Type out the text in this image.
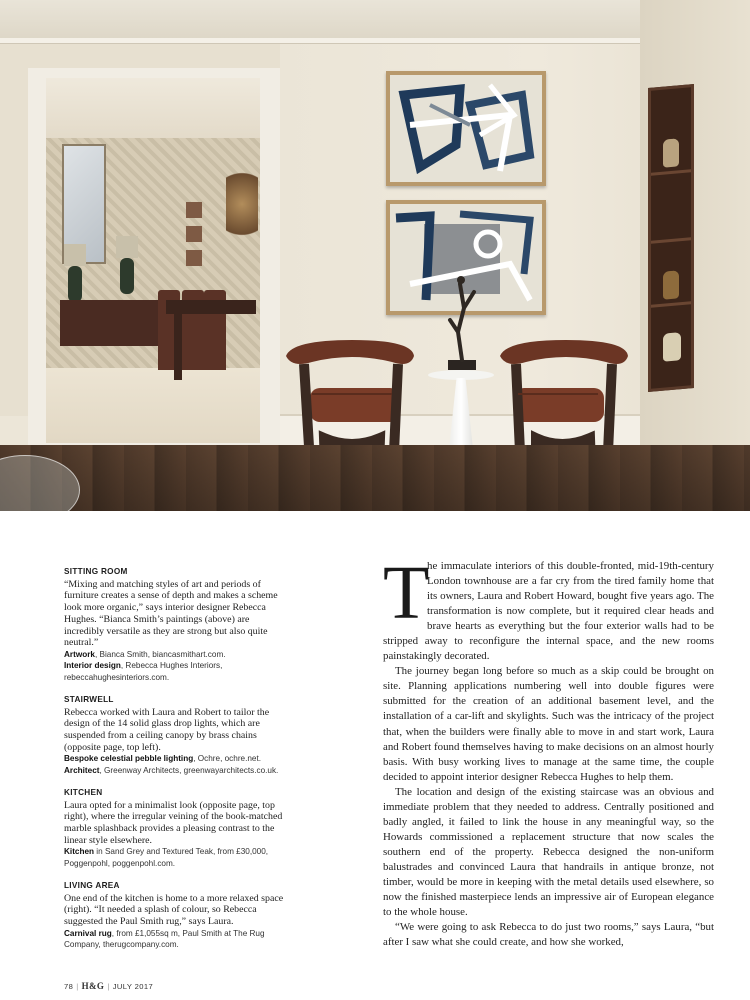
SITTING ROOM
“Mixing and matching styles of art and periods of furniture creates a sense of depth and makes a scheme look more organic,” says interior designer Rebecca Hughes. “Bianca Smith’s paintings (above) are incredibly versatile as they are strong but also quite neutral.”
Artwork, Bianca Smith, biancasmithart.com.
Interior design, Rebecca Hughes Interiors, rebeccahughesinteriors.com.
STAIRWELL
Rebecca worked with Laura and Robert to tailor the design of the 14 solid glass drop lights, which are suspended from a ceiling canopy by brass chains (opposite page, top left).
Bespoke celestial pebble lighting, Ochre, ochre.net. Architect, Greenway Architects, greenwayarchitects.co.uk.
KITCHEN
Laura opted for a minimalist look (opposite page, top right), where the irregular veining of the book-matched marble splashback provides a pleasing contrast to the linear style elsewhere.
Kitchen in Sand Grey and Textured Teak, from £30,000, Poggenpohl, poggenpohl.com.
LIVING AREA
One end of the kitchen is home to a more relaxed space (right). “It needed a splash of colour, so Rebecca suggested the Paul Smith rug,” says Laura.
Carnival rug, from £1,055sq m, Paul Smith at The Rug Company, therugcompany.com.

T
he immaculate interiors of this double-fronted, mid-19th-century London townhouse are a far cry from the tired family home that its owners, Laura and Robert Howard, bought five years ago. The transformation is now complete, but it required clear heads and brave hearts as everything but the four exterior walls had to be stripped away to reconfigure the internal space, and the new rooms painstakingly decorated.

The journey began long before so much as a skip could be brought on site. Planning applications numbering well into double figures were submitted for the creation of an additional basement level, and the installation of a car-lift and skylights. Such was the intricacy of the project that, when the builders were finally able to move in and start work, Laura and Robert found themselves having to make decisions on an almost hourly basis. With busy working lives to manage at the same time, the couple decided to appoint interior designer Rebecca Hughes to help them.

The location and design of the existing staircase was an obvious and immediate problem that they needed to address. Centrally positioned and badly angled, it failed to link the house in any meaningful way, so the Howards commissioned a replacement structure that now scales the southern end of the property. Rebecca designed the non-uniform balustrades and convinced Laura that handrails in antique bronze, not timber, would be more in keeping with the metal details used elsewhere, so now the finished masterpiece lends an impressive air of European elegance to the whole house.

“We were going to ask Rebecca to do just two rooms,” says Laura, “but after I saw what she could create, and how she worked,

78 | H&G | JULY 2017
